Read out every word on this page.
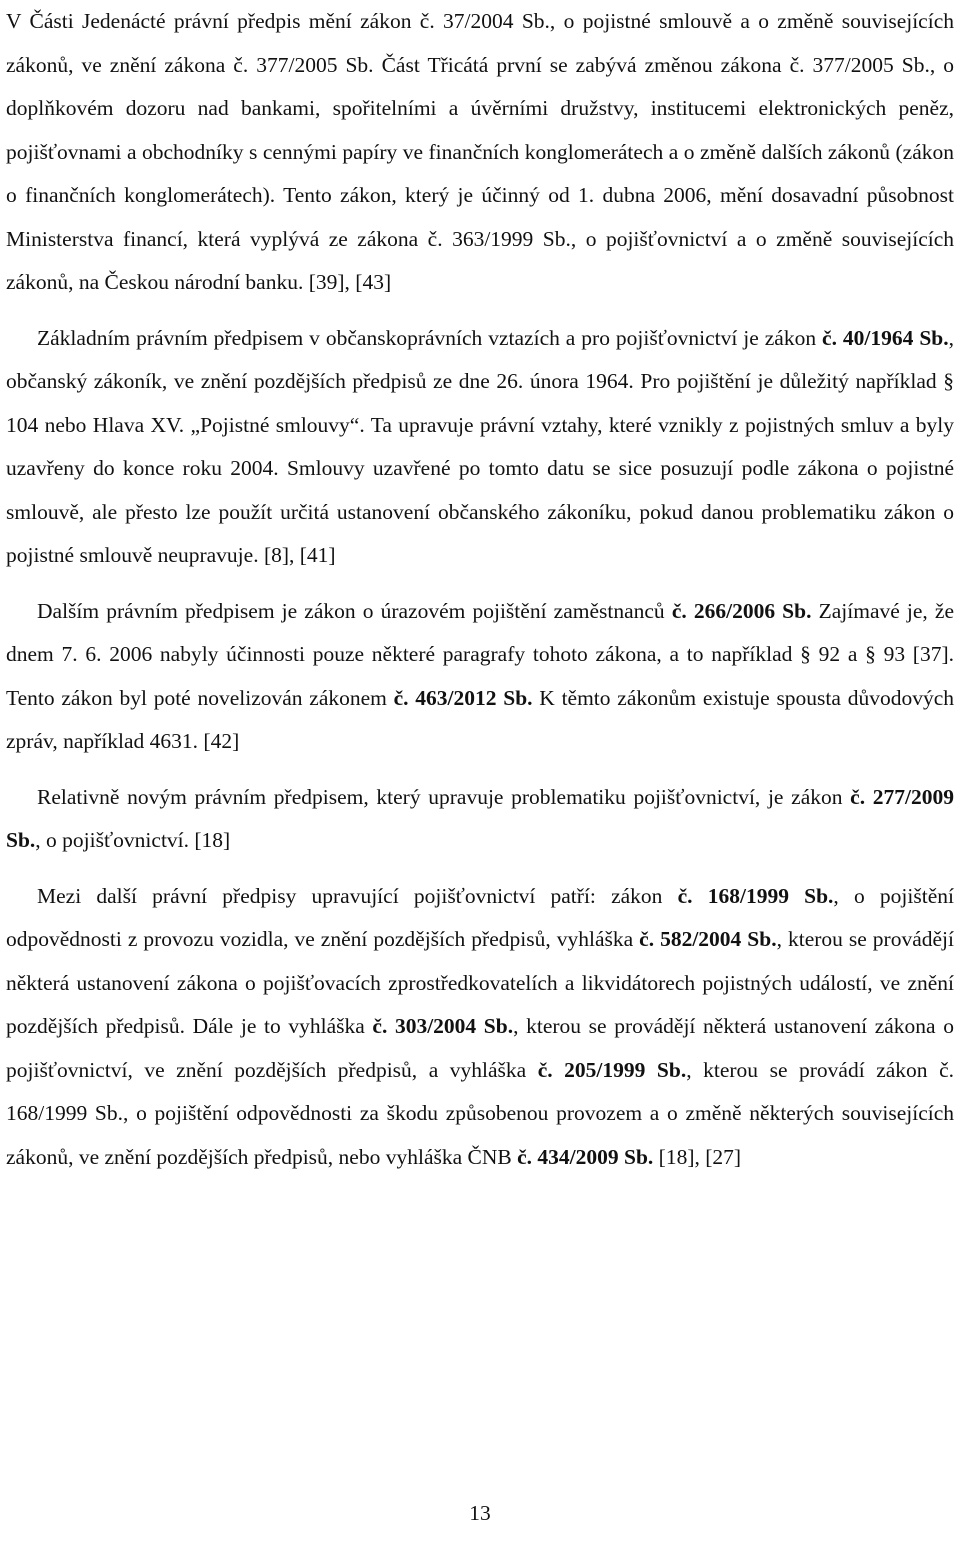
V Části Jedenácté právní předpis mění zákon č. 37/2004 Sb., o pojistné smlouvě a o změně souvisejících zákonů, ve znění zákona č. 377/2005 Sb. Část Třicátá první se zabývá změnou zákona č. 377/2005 Sb., o doplňkovém dozoru nad bankami, spořitelními a úvěrními družstvy, institucemi elektronických peněz, pojišťovnami a obchodníky s cennými papíry ve finančních konglomerátech a o změně dalších zákonů (zákon o finančních konglomerátech). Tento zákon, který je účinný od 1. dubna 2006, mění dosavadní působnost Ministerstva financí, která vyplývá ze zákona č. 363/1999 Sb., o pojišťovnictví a o změně souvisejících zákonů, na Českou národní banku. [39], [43]

Základním právním předpisem v občanskoprávních vztazích a pro pojišťovnictví je zákon č. 40/1964 Sb., občanský zákoník, ve znění pozdějších předpisů ze dne 26. února 1964. Pro pojištění je důležitý například § 104 nebo Hlava XV. „Pojistné smlouvy“. Ta upravuje právní vztahy, které vznikly z pojistných smluv a byly uzavřeny do konce roku 2004. Smlouvy uzavřené po tomto datu se sice posuzují podle zákona o pojistné smlouvě, ale přesto lze použít určitá ustanovení občanského zákoníku, pokud danou problematiku zákon o pojistné smlouvě neupravuje. [8], [41]

Dalším právním předpisem je zákon o úrazovém pojištění zaměstnanců č. 266/2006 Sb. Zajímavé je, že dnem 7. 6. 2006 nabyly účinnosti pouze některé paragrafy tohoto zákona, a to například § 92 a § 93 [37]. Tento zákon byl poté novelizován zákonem č. 463/2012 Sb. K těmto zákonům existuje spousta důvodových zpráv, například 4631. [42]

Relativně novým právním předpisem, který upravuje problematiku pojišťovnictví, je zákon č. 277/2009 Sb., o pojišťovnictví. [18]

Mezi další právní předpisy upravující pojišťovnictví patří: zákon č. 168/1999 Sb., o pojištění odpovědnosti z provozu vozidla, ve znění pozdějších předpisů, vyhláška č. 582/2004 Sb., kterou se provádějí některá ustanovení zákona o pojišťovacích zprostředkovatelích a likvidátorech pojistných událostí, ve znění pozdějších předpisů. Dále je to vyhláška č. 303/2004 Sb., kterou se provádějí některá ustanovení zákona o pojišťovnictví, ve znění pozdějších předpisů, a vyhláška č. 205/1999 Sb., kterou se provádí zákon č. 168/1999 Sb., o pojištění odpovědnosti za škodu způsobenou provozem a o změně některých souvisejících zákonů, ve znění pozdějších předpisů, nebo vyhláška ČNB č. 434/2009 Sb. [18], [27]

13
